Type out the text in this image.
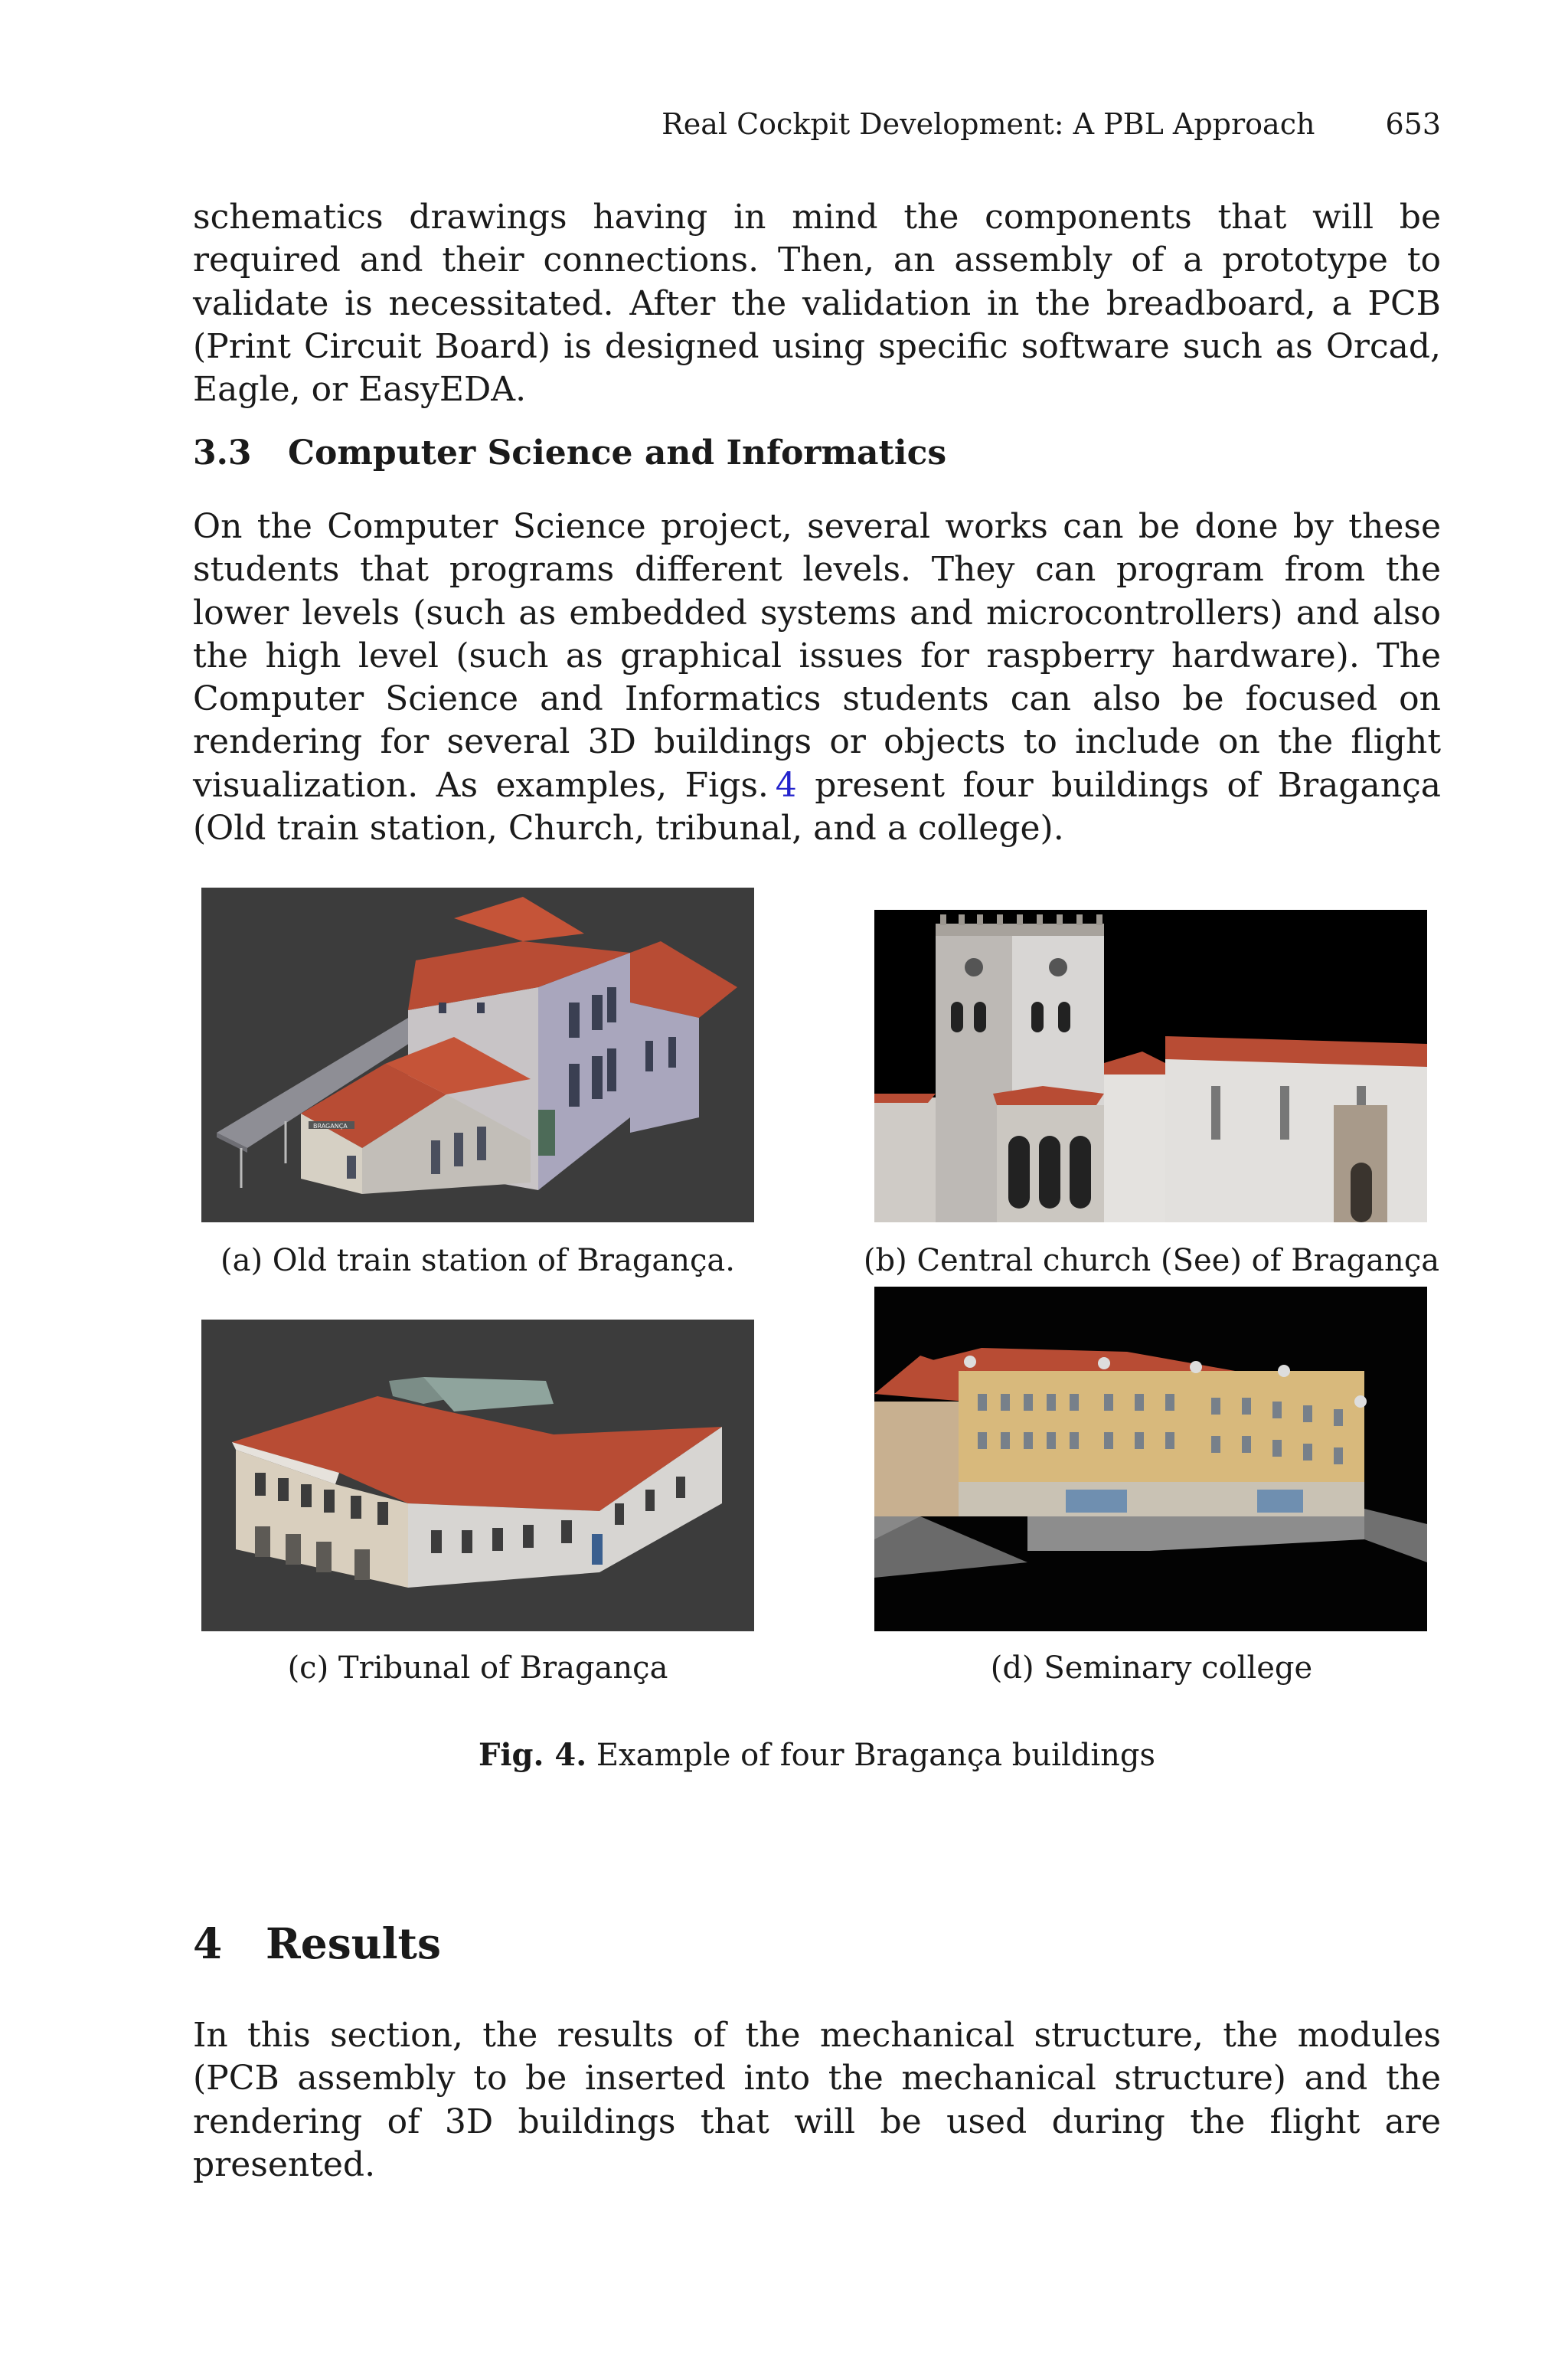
Real Cockpit Development: A PBL Approach 653

schematics drawings having in mind the components that will be required and their connections. Then, an assembly of a prototype to validate is necessitated. After the validation in the breadboard, a PCB (Print Circuit Board) is designed using specific software such as Orcad, Eagle, or EasyEDA.

3.3 Computer Science and Informatics

On the Computer Science project, several works can be done by these students that programs different levels. They can program from the lower levels (such as embedded systems and microcontrollers) and also the high level (such as graphical issues for raspberry hardware). The Computer Science and Informatics students can also be focused on rendering for several 3D buildings or objects to include on the flight visualization. As examples, Figs.  4 present four buildings of Bragança (Old train station, Church, tribunal, and a college).

BRAGANÇA
(a) Old train station of Bragança.	(b) Central church (See) of Bragança
(c) Tribunal of Bragança	(d) Seminary college
Fig. 4. Example of four Bragança buildings
4 Results

In this section, the results of the mechanical structure, the modules (PCB assembly to be inserted into the mechanical structure) and the rendering of 3D buildings that will be used during the flight are presented.
